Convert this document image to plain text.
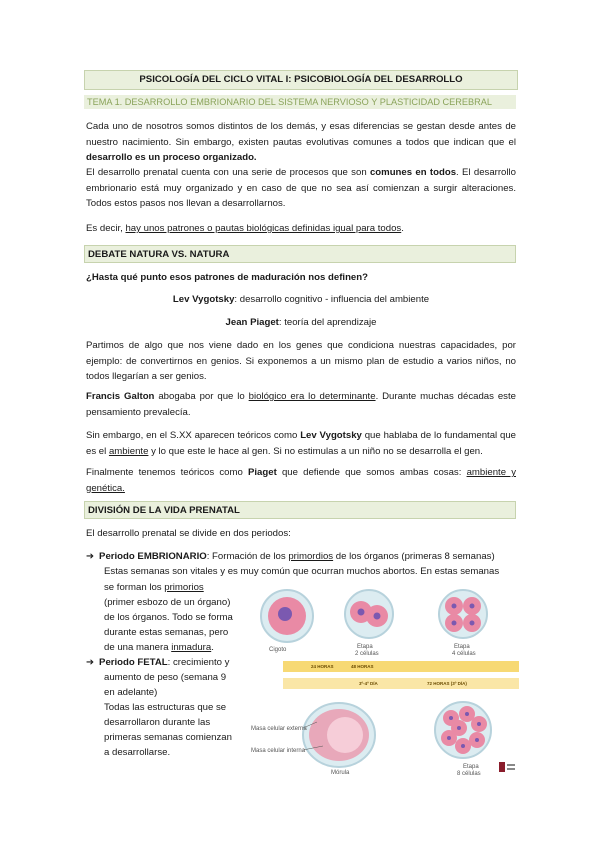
PSICOLOGÍA DEL CICLO VITAL I: PSICOBIOLOGÍA DEL DESARROLLO
TEMA 1. DESARROLLO EMBRIONARIO DEL SISTEMA NERVIOSO Y PLASTICIDAD CEREBRAL

Cada uno de nosotros somos distintos de los demás, y esas diferencias se gestan desde antes de nuestro nacimiento. Sin embargo, existen pautas evolutivas comunes a todos que indican que el desarrollo es un proceso organizado.

El desarrollo prenatal cuenta con una serie de procesos que son comunes en todos. El desarrollo embrionario está muy organizado y en caso de que no sea así comienzan a surgir alteraciones. Todos estos pasos nos llevan a desarrollarnos.

Es decir, hay unos patrones o pautas biológicas definidas igual para todos.

DEBATE NATURA VS. NATURA

¿Hasta qué punto esos patrones de maduración nos definen?

Lev Vygotsky: desarrollo cognitivo - influencia del ambiente

Jean Piaget: teoría del aprendizaje

Partimos de algo que nos viene dado en los genes que condiciona nuestras capacidades, por ejemplo: de convertirnos en genios. Si exponemos a un mismo plan de estudio a varios niños, no todos llegarían a ser genios.

Francis Galton abogaba por que lo biológico era lo determinante. Durante muchas décadas este pensamiento prevalecía.

Sin embargo, en el S.XX aparecen teóricos como Lev Vygotsky que hablaba de lo fundamental que es el ambiente y lo que este le hace al gen. Si no estimulas a un niño no se desarrolla el gen.

Finalmente tenemos teóricos como Piaget que defiende que somos ambas cosas: ambiente y genética.

DIVISIÓN DE LA VIDA PRENATAL

El desarrollo prenatal se divide en dos periodos:

➔ Periodo EMBRIONARIO: Formación de los primordios de los órganos (primeras 8 semanas)

Estas semanas son vitales y es muy común que ocurran muchos abortos. En estas semanas

se forman los primorios

(primer esbozo de un órgano)

de los órganos. Todo se forma

durante estas semanas, pero

de una manera inmadura.

➔ Periodo FETAL: crecimiento y

aumento de peso (semana 9

en adelante)

Todas las estructuras que se

desarrollaron durante las

primeras semanas comienzan

a desarrollarse.

Cigoto	Etapa
2 células
Etapa
4 células
24 HORAS	48 HORAS
3º-4º DÍA	72 HORAS (3º DÍA)
Masa celular externa
Masa celular interna
Mórula
Etapa
8 células
